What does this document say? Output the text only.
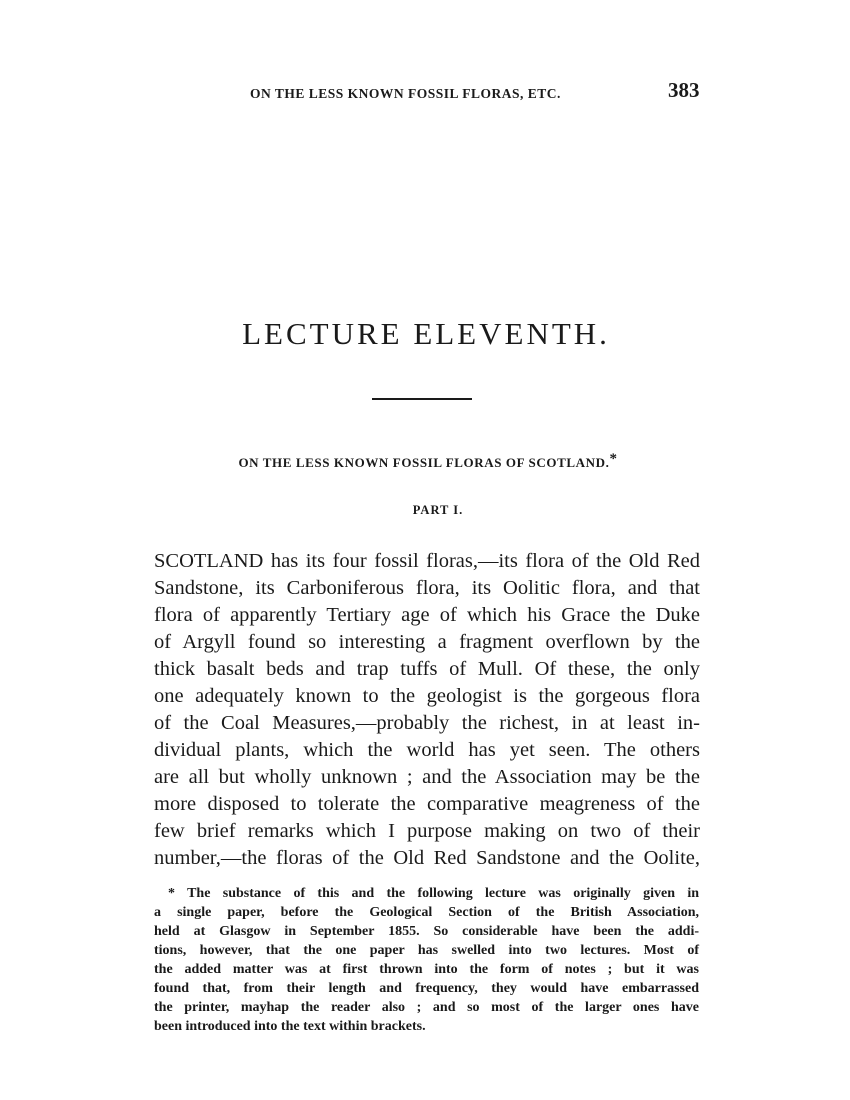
ON THE LESS KNOWN FOSSIL FLORAS, ETC.	383
LECTURE ELEVENTH.
ON THE LESS KNOWN FOSSIL FLORAS OF SCOTLAND.*
PART I.
SCOTLAND has its four fossil floras,—its flora of the Old Red
Sandstone, its Carboniferous flora, its Oolitic flora, and that
flora of apparently Tertiary age of which his Grace the Duke
of Argyll found so interesting a fragment overflown by the
thick basalt beds and trap tuffs of Mull. Of these, the only
one adequately known to the geologist is the gorgeous flora
of the Coal Measures,—probably the richest, in at least in-
dividual plants, which the world has yet seen. The others
are all but wholly unknown ; and the Association may be the
more disposed to tolerate the comparative meagreness of the
few brief remarks which I purpose making on two of their
number,—the floras of the Old Red Sandstone and the Oolite,
* The substance of this and the following lecture was originally given in
a single paper, before the Geological Section of the British Association,
held at Glasgow in September 1855. So considerable have been the addi-
tions, however, that the one paper has swelled into two lectures. Most of
the added matter was at first thrown into the form of notes ; but it was
found that, from their length and frequency, they would have embarrassed
the printer, mayhap the reader also ; and so most of the larger ones have
been introduced into the text within brackets.
